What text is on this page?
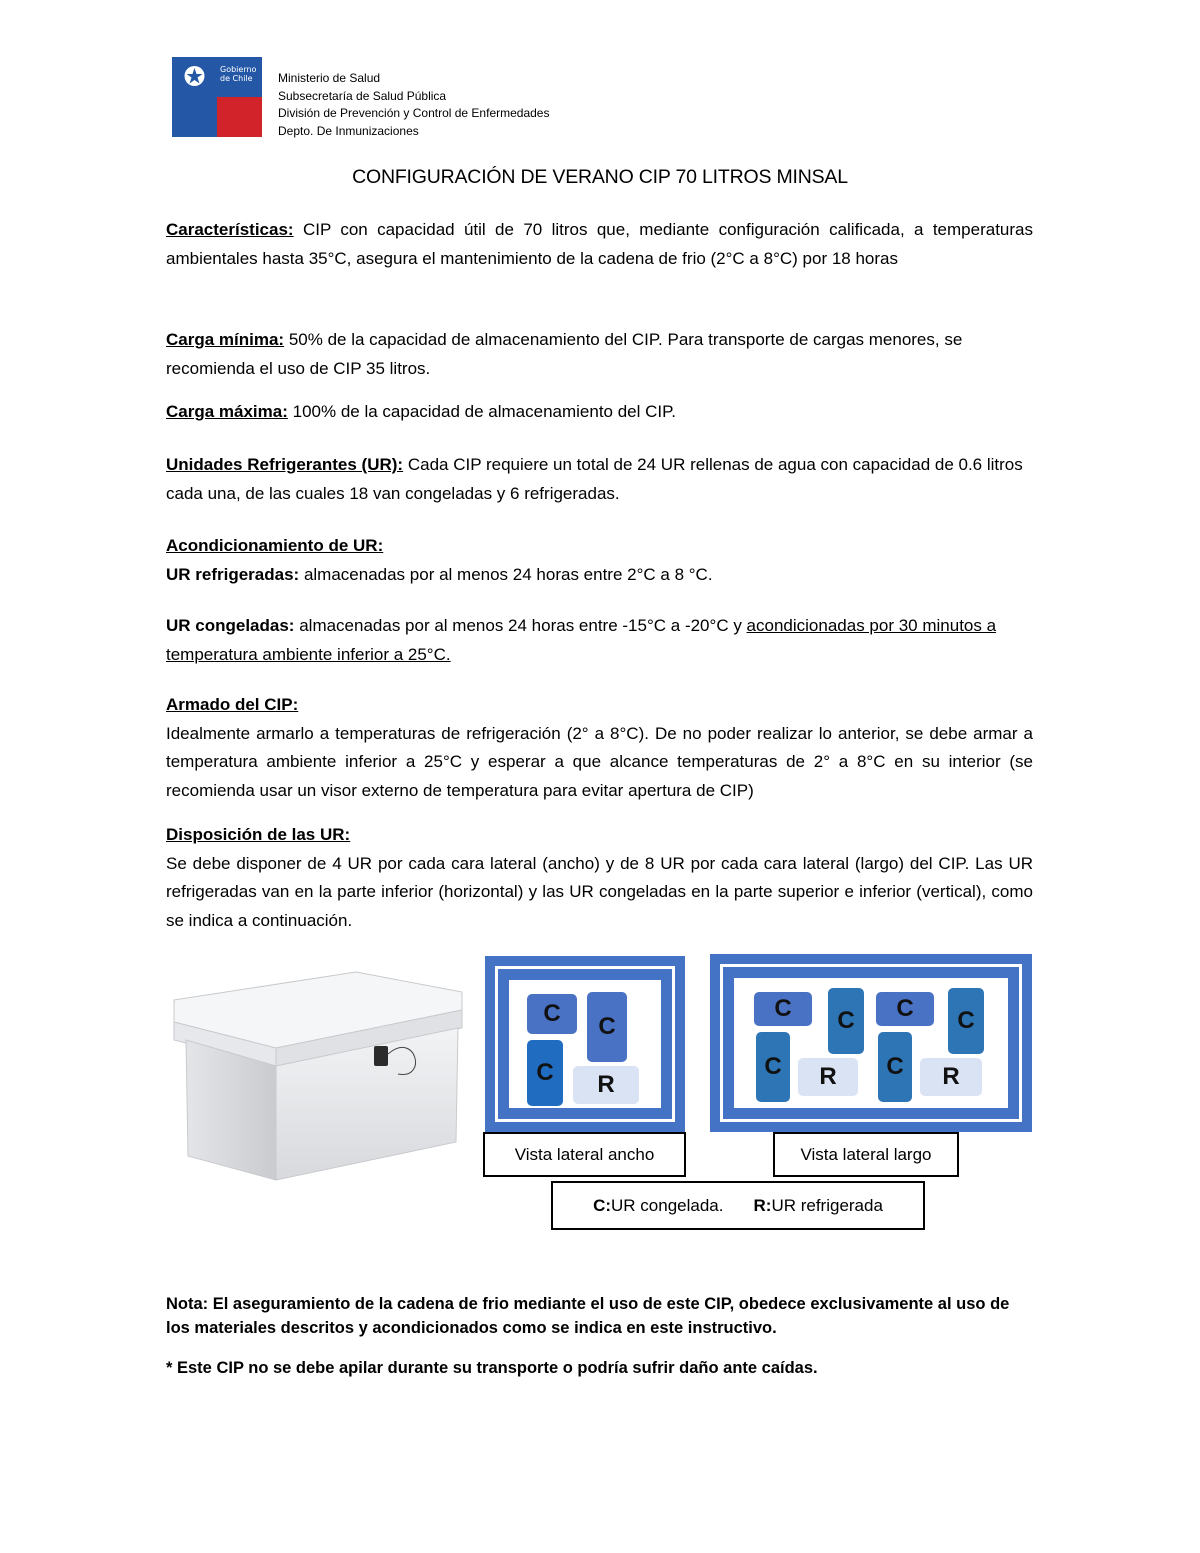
Gobierno de Chile	Ministerio de Salud
Subsecretaría de Salud Pública
División de Prevención y Control de Enfermedades
Depto. De Inmunizaciones
CONFIGURACIÓN DE VERANO CIP 70 LITROS MINSAL
Características: CIP con capacidad útil de 70 litros que, mediante configuración calificada, a temperaturas ambientales hasta 35°C, asegura el mantenimiento de la cadena de frio (2°C a 8°C) por 18 horas
Carga mínima: 50% de la capacidad de almacenamiento del CIP. Para transporte de cargas menores, se recomienda el uso de CIP 35 litros.
Carga máxima: 100% de la capacidad de almacenamiento del CIP.
Unidades Refrigerantes (UR): Cada CIP requiere un total de 24 UR rellenas de agua con capacidad de 0.6 litros cada una, de las cuales 18 van congeladas y 6 refrigeradas.
Acondicionamiento de UR:
UR refrigeradas: almacenadas por al menos 24 horas entre 2°C a 8 °C.
UR congeladas: almacenadas por al menos 24 horas entre -15°C a -20°C y acondicionadas por 30 minutos a temperatura ambiente inferior a 25°C.
Armado del CIP:
Idealmente armarlo a temperaturas de refrigeración (2° a 8°C). De no poder realizar lo anterior, se debe armar a temperatura ambiente inferior a 25°C y esperar a que alcance temperaturas de 2° a 8°C en su interior (se recomienda usar un visor externo de temperatura para evitar apertura de CIP)
Disposición de las UR:
Se debe disponer de 4 UR por cada cara lateral (ancho) y de 8 UR por cada cara lateral (largo) del CIP. Las UR refrigeradas van en la parte inferior (horizontal) y las UR congeladas en la parte superior e inferior (vertical), como se indica a continuación.
C	C
C	R
C	C
C	R
C	C
C	R
Vista lateral ancho	Vista lateral largo
C: UR congelada. R: UR refrigerada
Nota: El aseguramiento de la cadena de frio mediante el uso de este CIP, obedece exclusivamente al uso de los materiales descritos y acondicionados como se indica en este instructivo.
* Este CIP no se debe apilar durante su transporte o podría sufrir daño ante caídas.
